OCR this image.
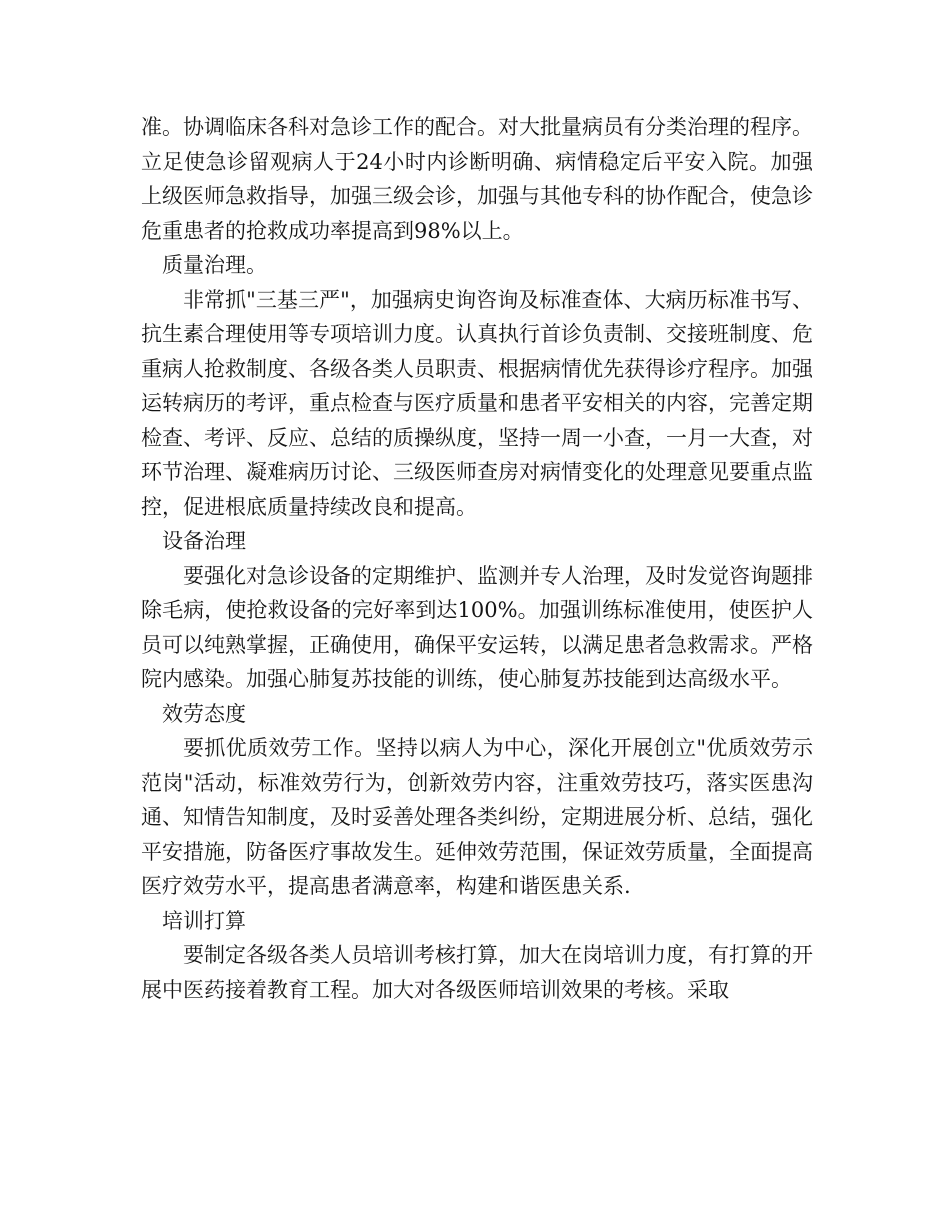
准。协调临床各科对急诊工作的配合。对大批量病员有分类治理的程序。立足使急诊留观病人于24小时内诊断明确、病情稳定后平安入院。加强上级医师急救指导，加强三级会诊，加强与其他专科的协作配合，使急诊危重患者的抢救成功率提高到98%以上。

质量治理。

非常抓"三基三严"，加强病史询咨询及标准查体、大病历标准书写、抗生素合理使用等专项培训力度。认真执行首诊负责制、交接班制度、危重病人抢救制度、各级各类人员职责、根据病情优先获得诊疗程序。加强运转病历的考评，重点检查与医疗质量和患者平安相关的内容，完善定期检查、考评、反应、总结的质操纵度，坚持一周一小查，一月一大查，对环节治理、凝难病历讨论、三级医师查房对病情变化的处理意见要重点监控，促进根底质量持续改良和提高。

设备治理

要强化对急诊设备的定期维护、监测并专人治理，及时发觉咨询题排除毛病，使抢救设备的完好率到达100%。加强训练标准使用，使医护人员可以纯熟掌握，正确使用，确保平安运转，以满足患者急救需求。严格院内感染。加强心肺复苏技能的训练，使心肺复苏技能到达高级水平。

效劳态度

要抓优质效劳工作。坚持以病人为中心，深化开展创立"优质效劳示范岗"活动，标准效劳行为，创新效劳内容，注重效劳技巧，落实医患沟通、知情告知制度，及时妥善处理各类纠纷，定期进展分析、总结，强化平安措施，防备医疗事故发生。延伸效劳范围，保证效劳质量，全面提高医疗效劳水平，提高患者满意率，构建和谐医患关系.

培训打算

要制定各级各类人员培训考核打算，加大在岗培训力度，有打算的开展中医药接着教育工程。加大对各级医师培训效果的考核。采取
